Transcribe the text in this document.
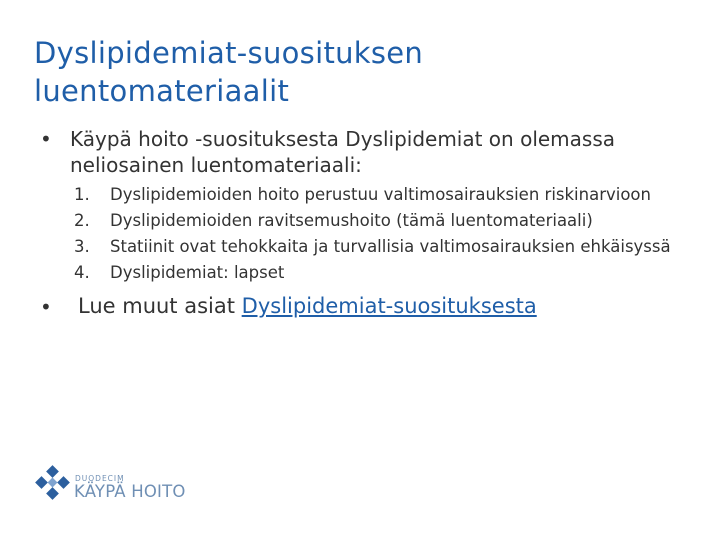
Dyslipidemiat-suosituksen luentomateriaalit
• Käypä hoito -suosituksesta Dyslipidemiat on olemassa neliosainen luentomateriaali:
1. Dyslipidemioiden hoito perustuu valtimosairauksien riskinarvioon
2. Dyslipidemioiden ravitsemushoito (tämä luentomateriaali)
3. Statiinit ovat tehokkaita ja turvallisia valtimosairauksien ehkäisyssä
4. Dyslipidemiat: lapset
• Lue muut asiat Dyslipidemiat-suosituksesta
DUODECIM
KÄYPÄ HOITO
